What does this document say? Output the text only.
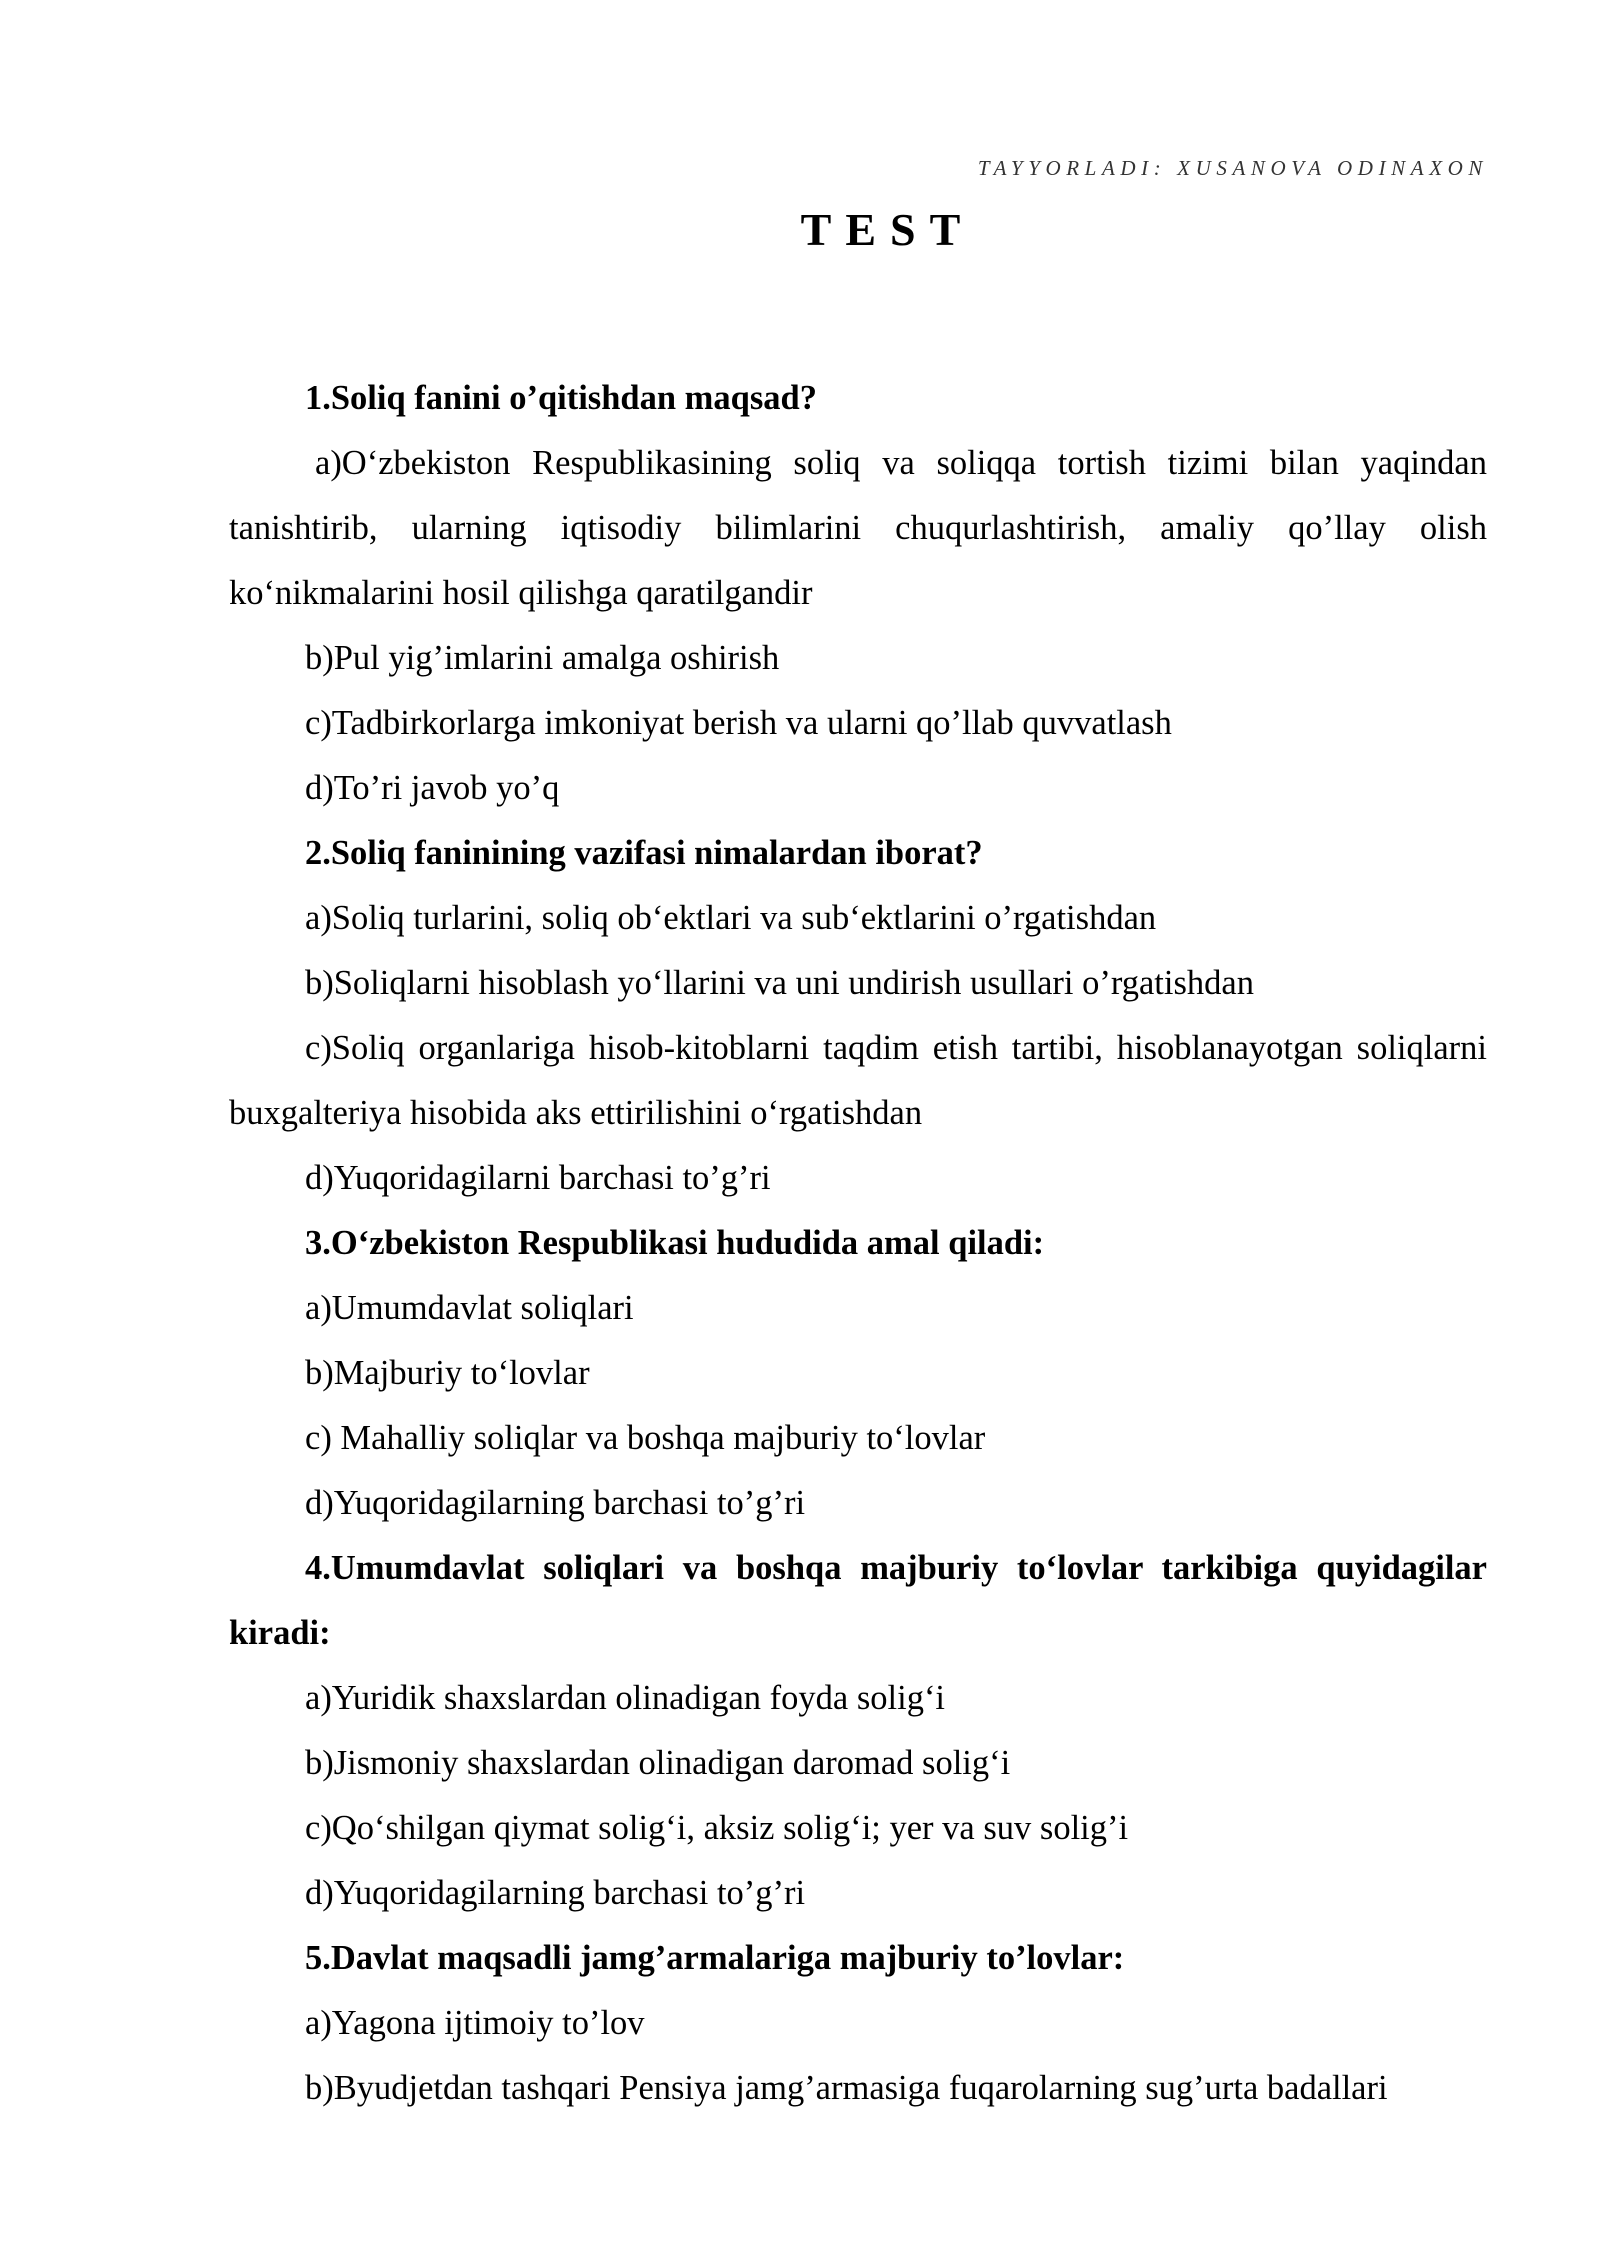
TAYYORLADI: XUSANOVA ODINAXON

TEST

1.Soliq fanini o’qitishdan maqsad?

a)O‘zbekiston Respublikasining soliq va soliqqa tortish tizimi bilan yaqindan tanishtirib, ularning iqtisodiy bilimlarini chuqurlashtirish, amaliy qo’llay olish ko‘nikmalarini hosil qilishga qaratilgandir

b)Pul yig’imlarini amalga oshirish

c)Tadbirkorlarga imkoniyat berish va ularni qo’llab quvvatlash

d)To’ri javob yo’q

2.Soliq faninining vazifasi nimalardan iborat?

a)Soliq turlarini, soliq ob‘ektlari va sub‘ektlarini o’rgatishdan

b)Soliqlarni hisoblash yo‘llarini va uni undirish usullari o’rgatishdan

c)Soliq organlariga hisob-kitoblarni taqdim etish tartibi, hisoblanayotgan soliqlarni buxgalteriya hisobida aks ettirilishini o‘rgatishdan

d)Yuqoridagilarni barchasi to’g’ri

3.O‘zbekiston Respublikasi hududida amal qiladi:

a)Umumdavlat soliqlari

b)Majburiy to‘lovlar

c) Mahalliy soliqlar va boshqa majburiy to‘lovlar

d)Yuqoridagilarning barchasi to’g’ri

4.Umumdavlat soliqlari va boshqa majburiy to‘lovlar tarkibiga quyidagilar kiradi:

a)Yuridik shaxslardan olinadigan foyda solig‘i

b)Jismoniy shaxslardan olinadigan daromad solig‘i

c)Qo‘shilgan qiymat solig‘i, aksiz solig‘i; yer va suv solig’i

d)Yuqoridagilarning barchasi to’g’ri

5.Davlat maqsadli jamg’armalariga majburiy to’lovlar:

a)Yagona ijtimoiy to’lov

b)Byudjetdan tashqari Pensiya jamg’armasiga fuqarolarning sug’urta badallari
